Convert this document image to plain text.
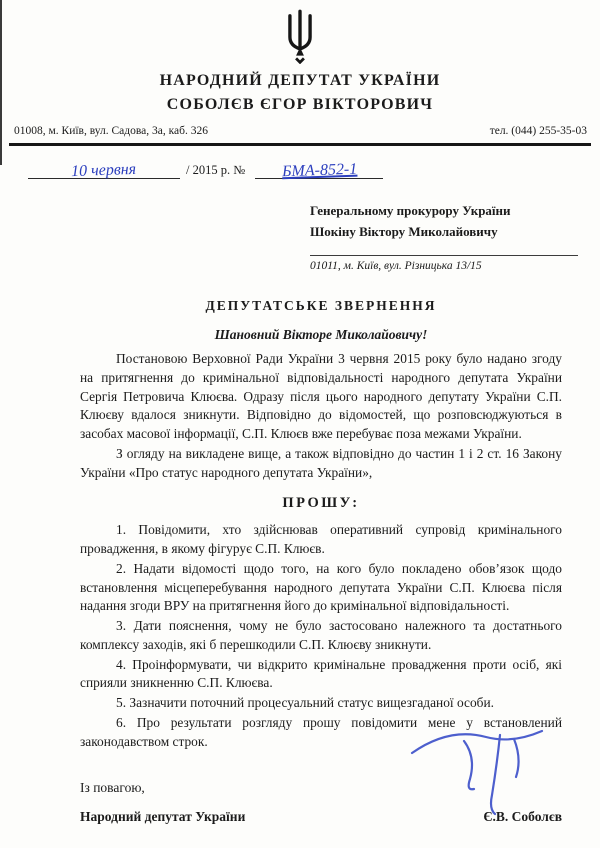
НАРОДНИЙ ДЕПУТАТ УКРАЇНИ
СОБОЛЄВ ЄГОР ВІКТОРОВИЧ
01008, м. Київ, вул. Садова, 3а, каб. 326	тел. (044) 255-35-03
10 червня	/ 2015 р. №	БМА-852-1
Генеральному прокурору України
Шокіну Віктору Миколайовичу
01011, м. Київ, вул. Різницька 13/15
ДЕПУТАТСЬКЕ ЗВЕРНЕННЯ
Шановний Вікторе Миколайовичу!

Постановою Верховної Ради України 3 червня 2015 року було надано згоду на притягнення до кримінальної відповідальності народного депутата України Сергія Петровича Клюєва. Одразу після цього народного депутату України С.П. Клюєву вдалося зникнути. Відповідно до відомостей, що розповсюджуються в засобах масової інформації, С.П. Клюєв вже перебуває поза межами України.

З огляду на викладене вище, а також відповідно до частин 1 і 2 ст. 16 Закону України «Про статус народного депутата України»,

ПРОШУ:

1. Повідомити, хто здійснював оперативний супровід кримінального провадження, в якому фігурує С.П. Клюєв.

2. Надати відомості щодо того, на кого було покладено обов’язок щодо встановлення місцеперебування народного депутата України С.П. Клюєва після надання згоди ВРУ на притягнення його до кримінальної відповідальності.

3. Дати пояснення, чому не було застосовано належного та достатнього комплексу заходів, які б перешкодили С.П. Клюєву зникнути.

4. Проінформувати, чи відкрито кримінальне провадження проти осіб, які сприяли зникненню С.П. Клюєва.

5. Зазначити поточний процесуальний статус вищезгаданої особи.

6. Про результати розгляду прошу повідомити мене у встановлений законодавством строк.

Із повагою,
Народний депутат України	Є.В. Соболєв
